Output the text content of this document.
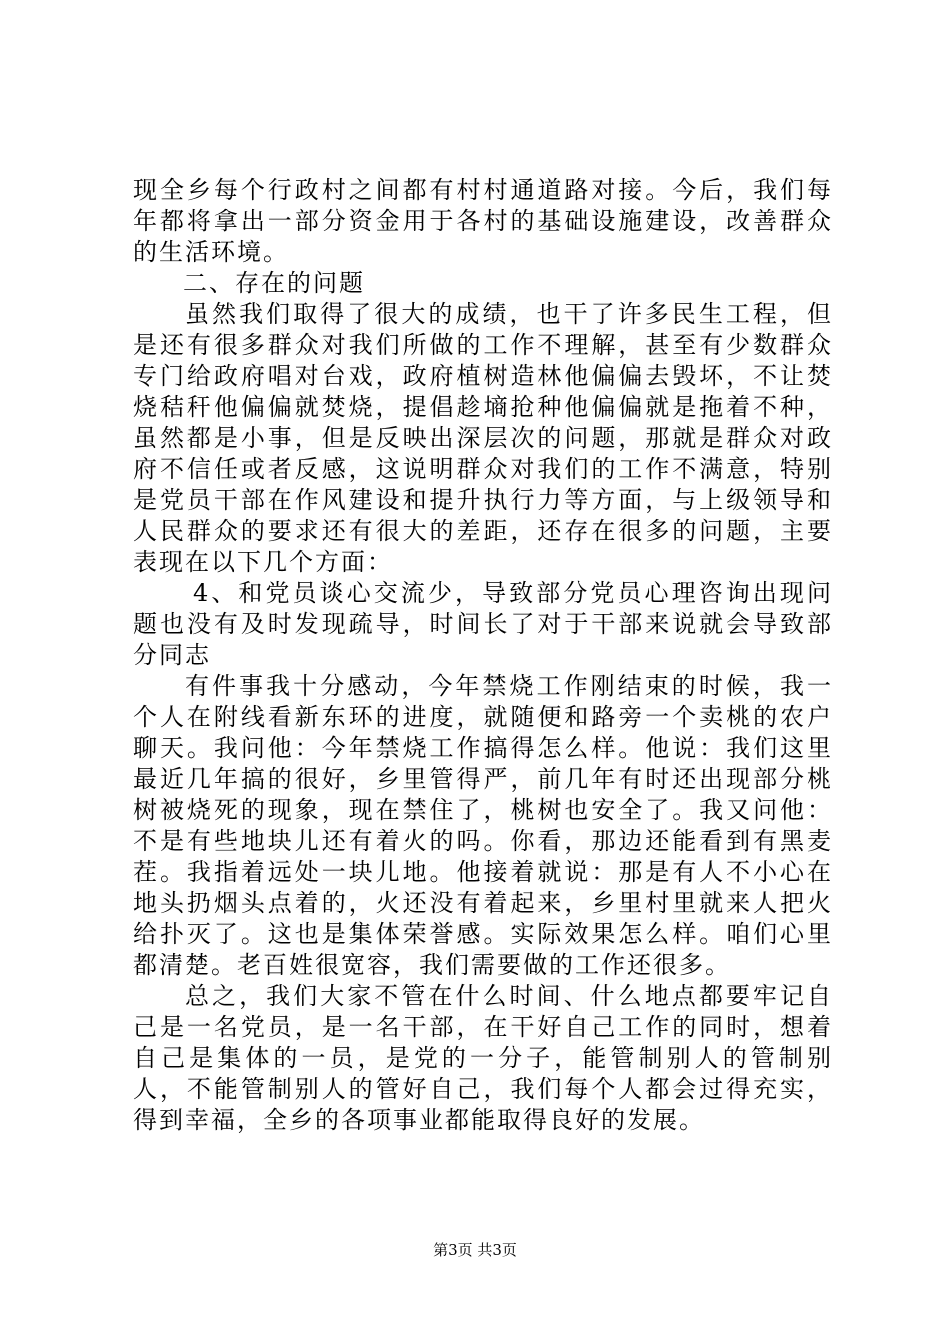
现全乡每个行政村之间都有村村通道路对接。今后，我们每年都将拿出一部分资金用于各村的基础设施建设，改善群众的生活环境。

二、存在的问题

虽然我们取得了很大的成绩，也干了许多民生工程，但是还有很多群众对我们所做的工作不理解，甚至有少数群众专门给政府唱对台戏，政府植树造林他偏偏去毁坏，不让焚烧秸秆他偏偏就焚烧，提倡趁墒抢种他偏偏就是拖着不种，虽然都是小事，但是反映出深层次的问题，那就是群众对政府不信任或者反感，这说明群众对我们的工作不满意，特别是党员干部在作风建设和提升执行力等方面，与上级领导和人民群众的要求还有很大的差距，还存在很多的问题，主要表现在以下几个方面：

4、和党员谈心交流少，导致部分党员心理咨询出现问题也没有及时发现疏导，时间长了对于干部来说就会导致部分同志

有件事我十分感动，今年禁烧工作刚结束的时候，我一个人在附线看新东环的进度，就随便和路旁一个卖桃的农户聊天。我问他：今年禁烧工作搞得怎么样。他说：我们这里最近几年搞的很好，乡里管得严，前几年有时还出现部分桃树被烧死的现象，现在禁住了，桃树也安全了。我又问他：不是有些地块儿还有着火的吗。你看，那边还能看到有黑麦茬。我指着远处一块儿地。他接着就说：那是有人不小心在地头扔烟头点着的，火还没有着起来，乡里村里就来人把火给扑灭了。这也是集体荣誉感。实际效果怎么样。咱们心里都清楚。老百姓很宽容，我们需要做的工作还很多。

总之，我们大家不管在什么时间、什么地点都要牢记自己是一名党员，是一名干部，在干好自己工作的同时，想着自己是集体的一员，是党的一分子，能管制别人的管制别人，不能管制别人的管好自己，我们每个人都会过得充实，得到幸福，全乡的各项事业都能取得良好的发展。

第3页 共3页
